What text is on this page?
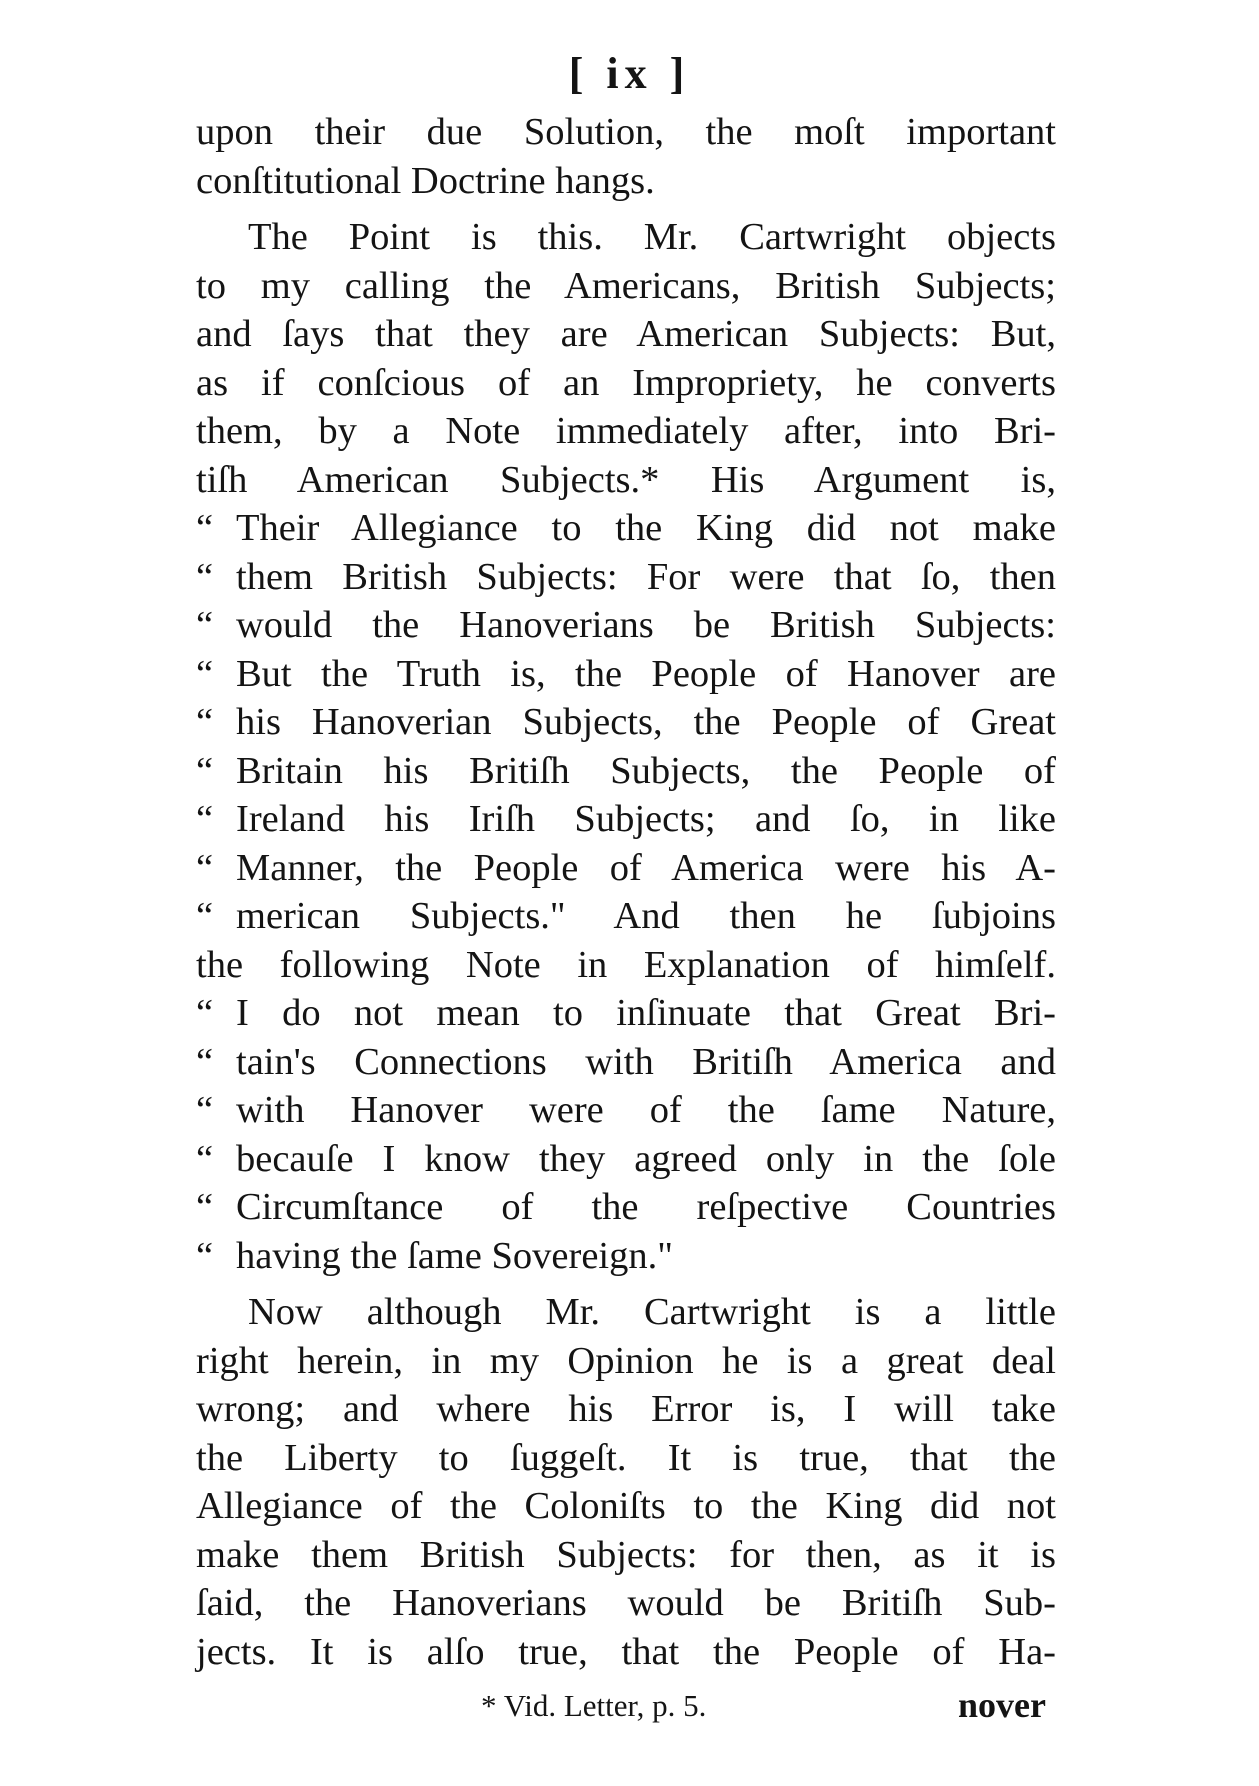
[ ix ]
upon their due Solution, the moſt important
conſtitutional Doctrine hangs.
The Point is this. Mr. Cartwright objects
to my calling the Americans, British Subjects;
and ſays that they are American Subjects: But,
as if conſcious of an Impropriety, he converts
them, by a Note immediately after, into Bri-
tiſh American Subjects.* His Argument is,
“ Their Allegiance to the King did not make
“ them British Subjects: For were that ſo, then
“ would the Hanoverians be British Subjects:
“ But the Truth is, the People of Hanover are
“ his Hanoverian Subjects, the People of Great
“ Britain his Britiſh Subjects, the People of
“ Ireland his Iriſh Subjects; and ſo, in like
“ Manner, the People of America were his A-
“ merican Subjects." And then he ſubjoins
the following Note in Explanation of himſelf.
“ I do not mean to inſinuate that Great Bri-
“ tain's Connections with Britiſh America and
“ with Hanover were of the ſame Nature,
“ becauſe I know they agreed only in the ſole
“ Circumſtance of the reſpective Countries
“ having the ſame Sovereign."
Now although Mr. Cartwright is a little
right herein, in my Opinion he is a great deal
wrong; and where his Error is, I will take
the Liberty to ſuggeſt. It is true, that the
Allegiance of the Coloniſts to the King did not
make them British Subjects: for then, as it is
ſaid, the Hanoverians would be Britiſh Sub-
jects. It is alſo true, that the People of Ha-
* Vid. Letter, p. 5.	nover
